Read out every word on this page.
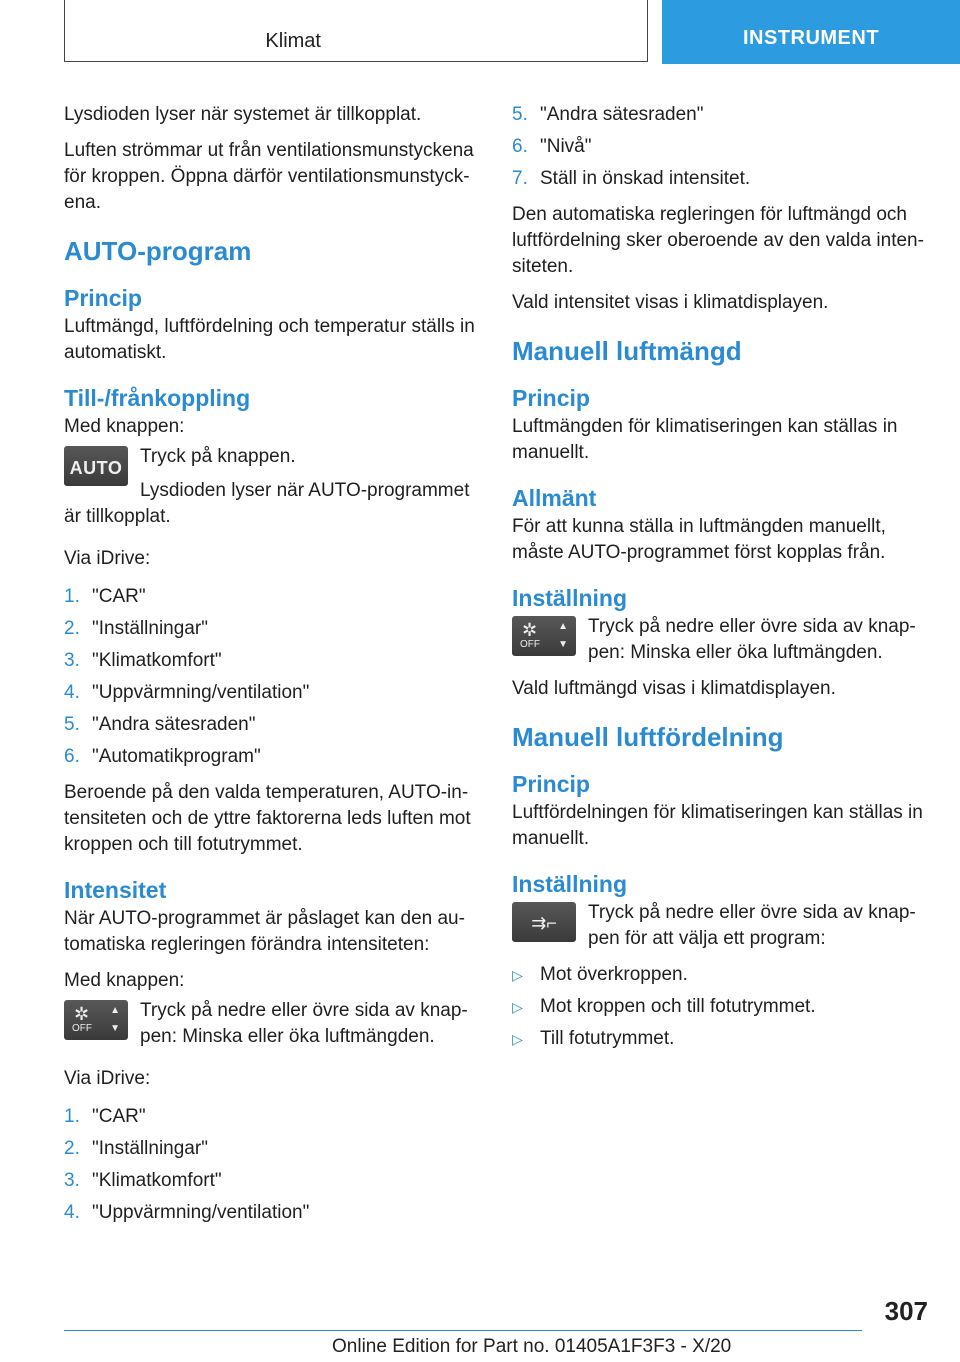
Klimat	INSTRUMENT

Lysdioden lyser när systemet är tillkopplat.

Luften strömmar ut från ventilationsmunstyckena för kroppen. Öppna därför ventilationsmunstyckena.

AUTO-program
Princip

Luftmängd, luftfördelning och temperatur ställs in automatiskt.

Till-/frånkoppling

Med knappen:

AUTO
Tryck på knappen.
Lysdioden lyser när AUTO-programmet är tillkopplat.

Via iDrive:

1. "CAR"
2. "Inställningar"
3. "Klimatkomfort"
4. "Uppvärmning/ventilation"
5. "Andra sätesraden"
6. "Automatikprogram"

Beroende på den valda temperaturen, AUTO-intensiteten och de yttre faktorerna leds luften mot kroppen och till fotutrymmet.

Intensitet

När AUTO-programmet är påslaget kan den automatiska regleringen förändra intensiteten:

Med knappen:

✲
OFF
▲
▼
Tryck på nedre eller övre sida av knappen: Minska eller öka luftmängden.

Via iDrive:

1. "CAR"
2. "Inställningar"
3. "Klimatkomfort"
4. "Uppvärmning/ventilation"
5. "Andra sätesraden"
6. "Nivå"
7. Ställ in önskad intensitet.

Den automatiska regleringen för luftmängd och luftfördelning sker oberoende av den valda intensiteten.

Vald intensitet visas i klimatdisplayen.

Manuell luftmängd
Princip

Luftmängden för klimatiseringen kan ställas in manuellt.

Allmänt

För att kunna ställa in luftmängden manuellt, måste AUTO-programmet först kopplas från.

Inställning
✲
OFF
▲
▼
Tryck på nedre eller övre sida av knappen: Minska eller öka luftmängden.

Vald luftmängd visas i klimatdisplayen.

Manuell luftfördelning
Princip

Luftfördelningen för klimatiseringen kan ställas in manuellt.

Inställning
⇉⌐	Tryck på nedre eller övre sida av knappen för att välja ett program:
▷ Mot överkroppen.
▷ Mot kroppen och till fotutrymmet.
▷ Till fotutrymmet.
307
Online Edition for Part no. 01405A1F3F3 - X/20
